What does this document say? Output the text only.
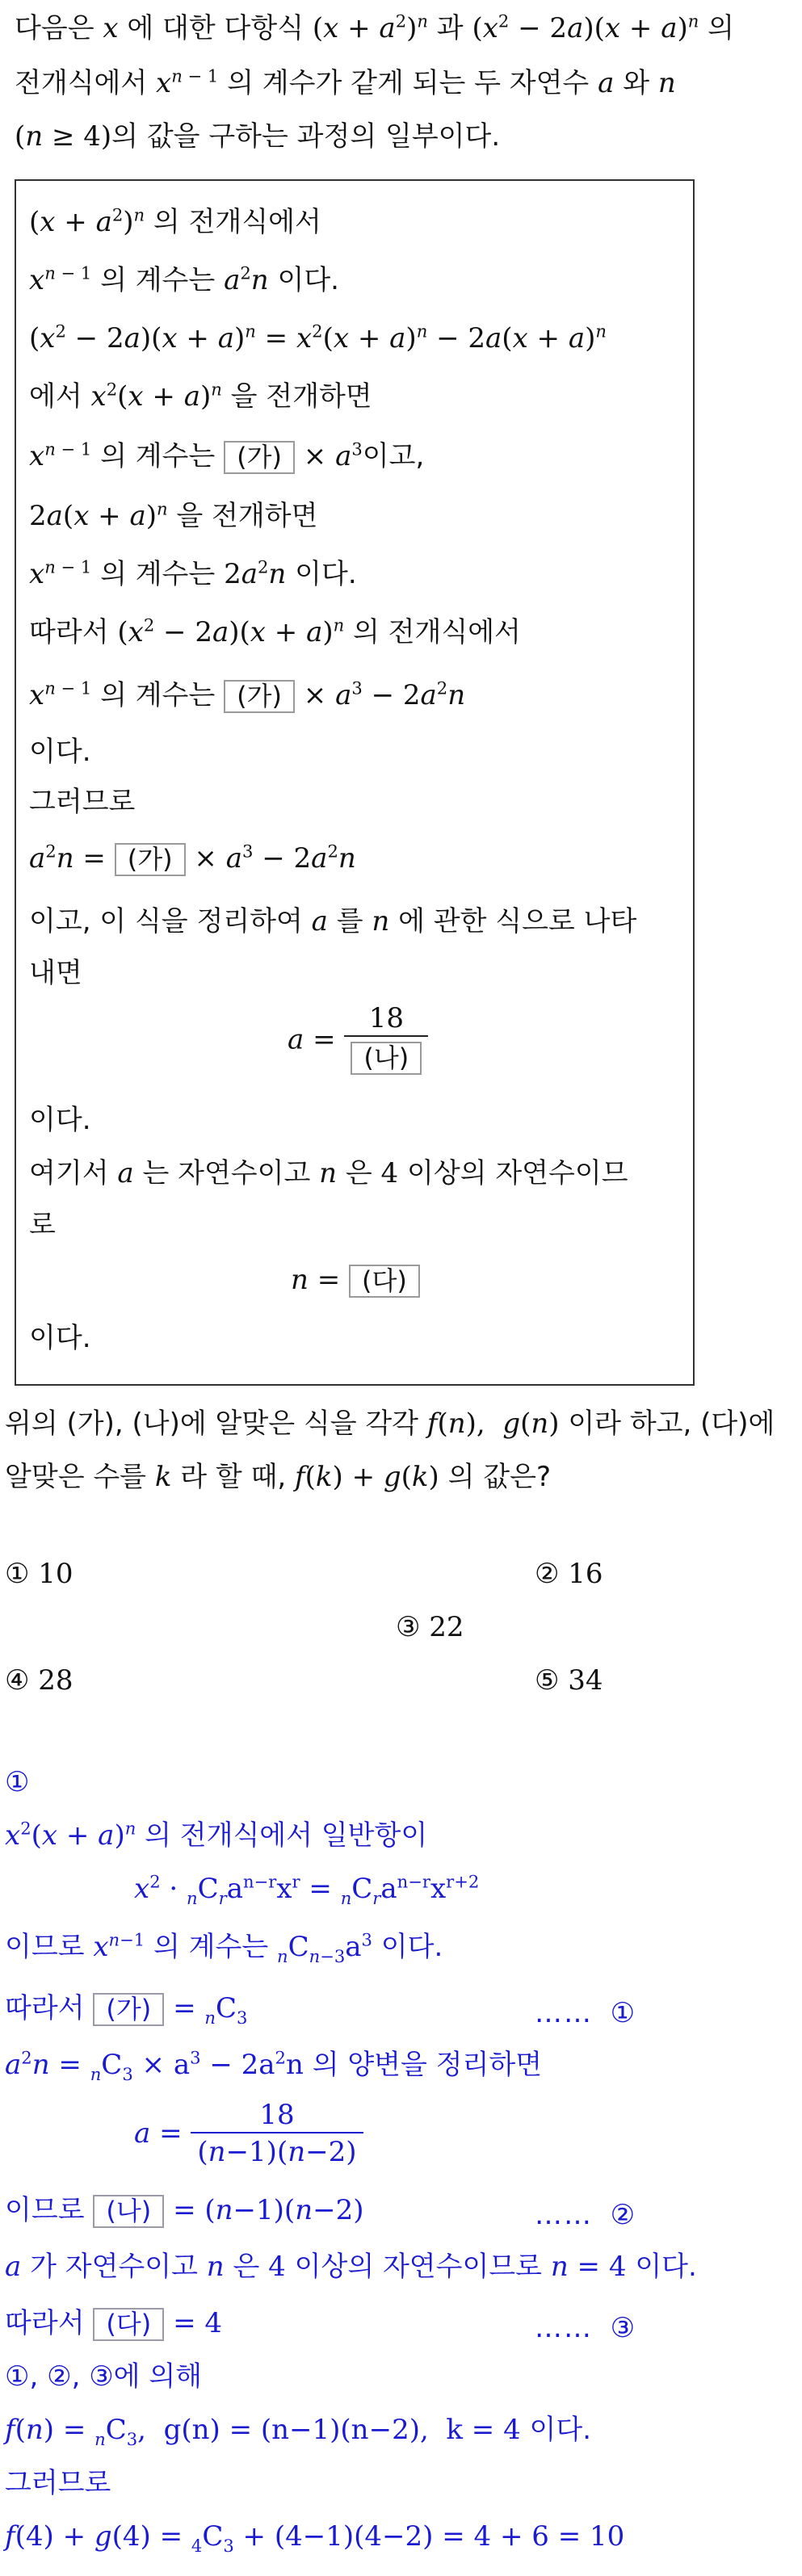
다음은 x 에 대한 다항식 $(x + a^2)^n$ 과 $(x^2 - 2a)(x + a)^n$ 의
전개식에서 $x^{n - 1}$ 의 계수가 같게 되는 두 자연수 a 와 n
(n ≥ 4)의 값을 구하는 과정의 일부이다.
$(x + a^2)^n$ 의 전개식에서
$x^{n - 1}$ 의 계수는 $a^2n$ 이다.
$(x^2 - 2a)(x + a)^n = x^2(x + a)^n - 2a(x + a)^n$
에서 $x^2(x + a)^n$ 을 전개하면
$x^{n - 1}$ 의 계수는 (가) × $a^3$이고,
$2a(x + a)^n$ 을 전개하면
$x^{n - 1}$ 의 계수는 $2a^2n$ 이다.
따라서 $(x^2 - 2a)(x + a)^n$ 의 전개식에서
$x^{n - 1}$ 의 계수는 (가) × $a^3 - 2a^2n$
이다.
그러므로
$a^2n$ = (가) × $a^3 - 2a^2n$
이고, 이 식을 정리하여 a 를 n 에 관한 식으로 나타
내면
$a = \frac{18}{\text{(나)}}$
이다.
여기서 a 는 자연수이고 n 은 4 이상의 자연수이므
로
n = (다)
이다.
위의 (가), (나)에 알맞은 식을 각각 f(n),  g(n) 이라 하고, (다)에
알맞은 수를 k 라 할 때, f(k) + g(k) 의 값은?
① 10	② 16
③ 22
④ 28	⑤ 34
①
$x^2(x + a)^n$ 의 전개식에서 일반항이
$x^2 \cdot _nC_ra^{n-r}x^r = _nC_ra^{n-r}x^{r+2}$
이므로 $x^{n-1}$ 의 계수는 $_nC_{n-3}a^3$ 이다.
따라서 (가) = $_nC_3$	…… ①
$a^2n = _nC_3 \times a^3 - 2a^2n$ 의 양변을 정리하면
$a = \frac{18}{(n-1)(n-2)}$
이므로 (나) = (n−1)(n−2)	…… ②
a 가 자연수이고 n 은 4 이상의 자연수이므로 n = 4 이다.
따라서 (다) = 4	…… ③
①, ②, ③에 의해
$f(n) = _nC_3$,  g(n) = (n−1)(n−2),  k = 4 이다.
그러므로
$f(4) + g(4) = _4C_3 + (4-1)(4-2) = 4 + 6 = 10$
